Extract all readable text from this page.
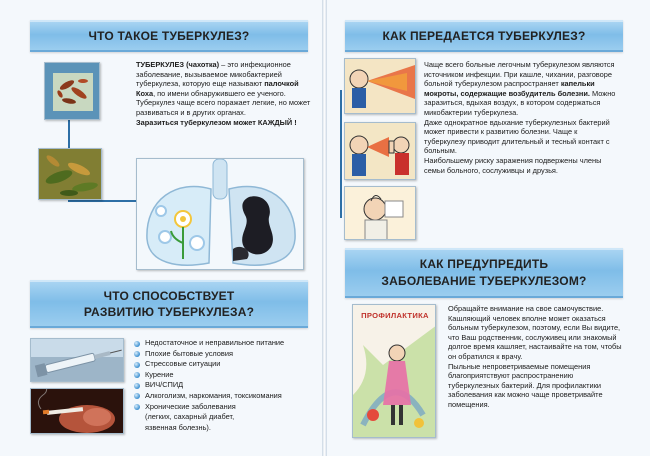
ЧТО ТАКОЕ ТУБЕРКУЛЕЗ?
ТУБЕРКУЛЕЗ (чахотка) – это инфекционное заболевание, вызываемое микобактерией туберкулеза, которую еще называют палочкой Коха, по имени обнаружившего ее ученого. Туберкулез чаще всего поражает легкие, но может развиваться и в других органах.
Заразиться туберкулезом может КАЖДЫЙ !
ЧТО СПОСОБСТВУЕТ
РАЗВИТИЮ ТУБЕРКУЛЕЗА?
Недостаточное и неправильное питание
Плохие бытовые условия
Стрессовые ситуации
Курение
ВИЧ/СПИД
Алкоголизм, наркомания, токсикомания
Хронические заболевания
(легких, сахарный диабет,
язвенная болезнь).
КАК ПЕРЕДАЕТСЯ ТУБЕРКУЛЕЗ?
Чаще всего больные легочным туберкулезом являются источником инфекции. При кашле, чихании, разговоре больной туберкулезом распространяет капельки мокроты, содержащие возбудитель болезни. Можно заразиться, вдыхая воздух, в котором содержаться микобактерии туберкулеза.
Даже однократное вдыхание туберкулезных бактерий может привести к развитию болезни. Чаще к туберкулезу приводит длительный и тесный контакт с больным.
Наибольшему риску заражения подвержены члены семьи больного, сослуживцы и друзья.
КАК ПРЕДУПРЕДИТЬ
ЗАБОЛЕВАНИЕ ТУБЕРКУЛЕЗОМ?
ПРОФИЛАКТИКА
Обращайте внимание на свое самочувствие. Кашляющий человек вполне может оказаться больным туберкулезом, поэтому, если Вы видите, что Ваш родственник, сослуживец или знакомый долгое время кашляет, настаивайте на том, чтобы он обратился к врачу.
Пыльные непроветриваемые помещения благоприятствуют распространению туберкулезных бактерий. Для профилактики заболевания как можно чаще проветривайте помещения.
